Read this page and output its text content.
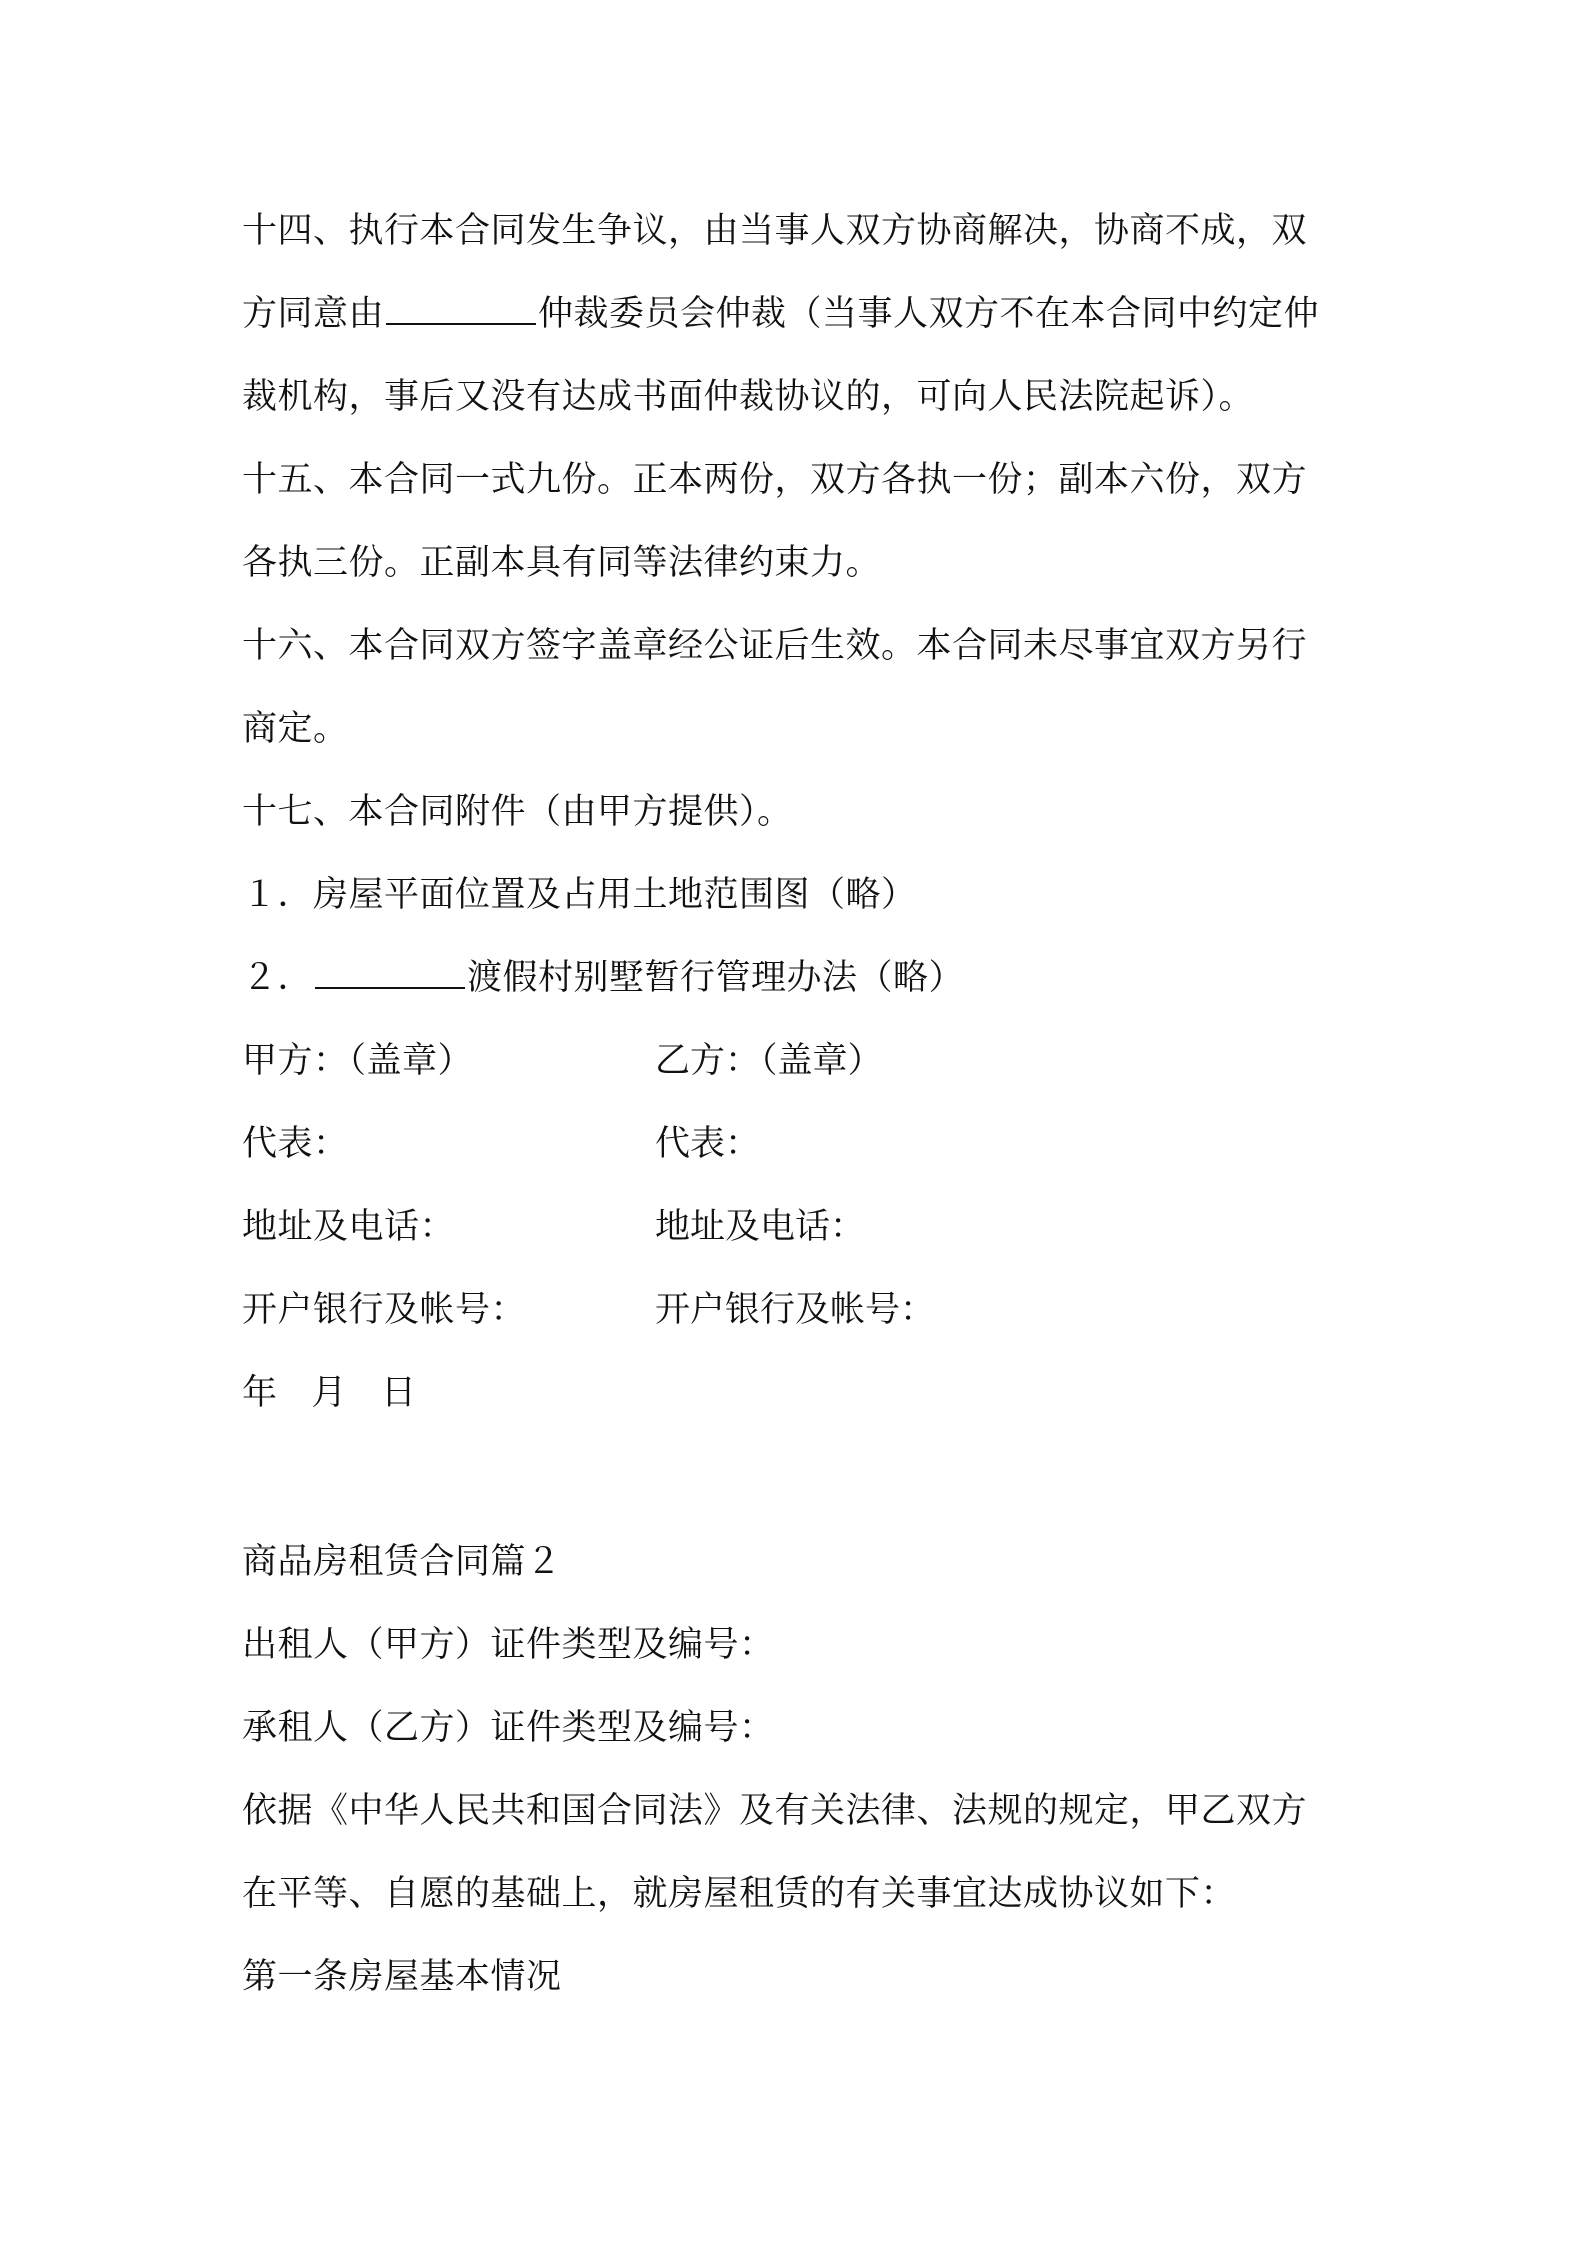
十四、执行本合同发生争议，由当事人双方协商解决，协商不成，双
方同意由	仲裁委员会仲裁（当事人双方不在本合同中约定仲
裁机构，事后又没有达成书面仲裁协议的，可向人民法院起诉）。
十五、本合同一式九份。正本两份，双方各执一份；副本六份，双方
各执三份。正副本具有同等法律约束力。
十六、本合同双方签字盖章经公证后生效。本合同未尽事宜双方另行
商定。
十七、本合同附件（由甲方提供）。
１．房屋平面位置及占用土地范围图（略）
２．	渡假村别墅暂行管理办法（略）
甲方：（盖章）	乙方：（盖章）
代表：	代表：
地址及电话：	地址及电话：
开户银行及帐号：	开户银行及帐号：
年 月 日
商品房租赁合同篇２
出租人（甲方）证件类型及编号：
承租人（乙方）证件类型及编号：
依据《中华人民共和国合同法》及有关法律、法规的规定，甲乙双方
在平等、自愿的基础上，就房屋租赁的有关事宜达成协议如下：
第一条房屋基本情况
